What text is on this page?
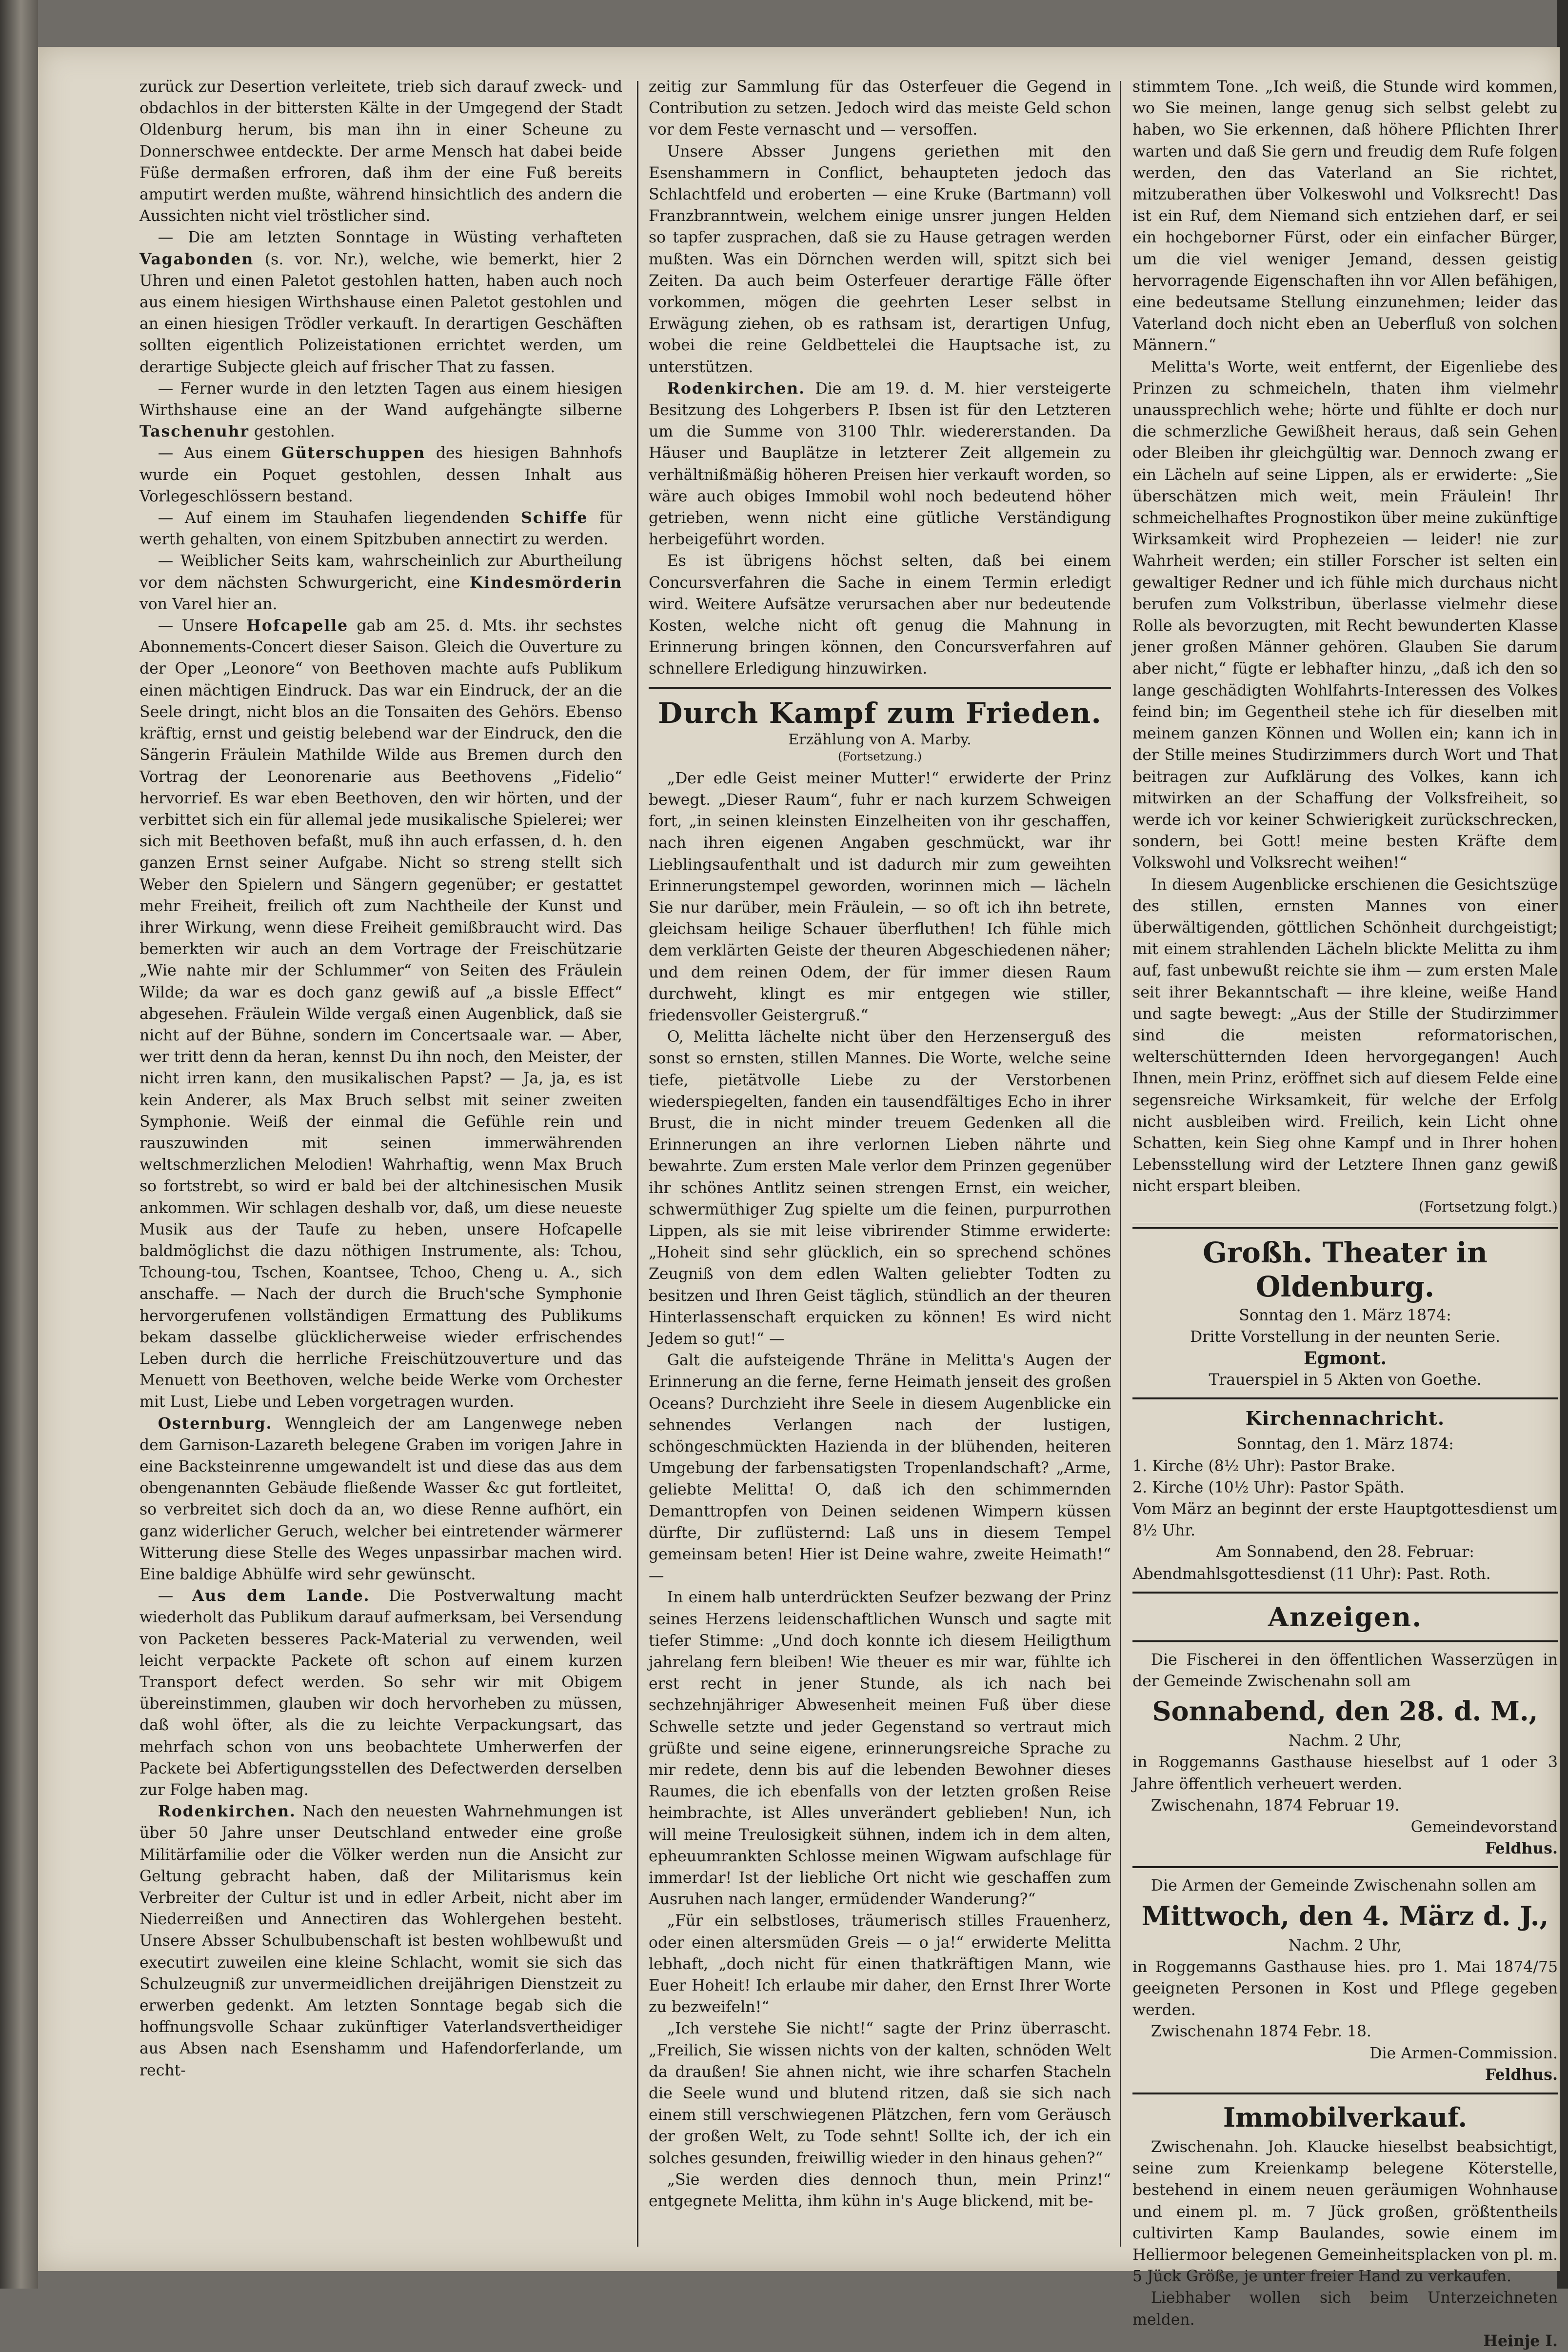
zurück zur Desertion verleitete, trieb sich darauf zweck- und obdachlos in der bittersten Kälte in der Umgegend der Stadt Oldenburg herum, bis man ihn in einer Scheune zu Donnerschwee entdeckte. Der arme Mensch hat dabei beide Füße dermaßen erfroren, daß ihm der eine Fuß bereits amputirt werden mußte, während hinsichtlich des andern die Aussichten nicht viel tröstlicher sind.

— Die am letzten Sonntage in Wüsting verhafteten Vagabonden (s. vor. Nr.), welche, wie bemerkt, hier 2 Uhren und einen Paletot gestohlen hatten, haben auch noch aus einem hiesigen Wirthshause einen Paletot gestohlen und an einen hiesigen Trödler verkauft. In derartigen Geschäften sollten eigentlich Polizeistationen errichtet werden, um derartige Subjecte gleich auf frischer That zu fassen.

— Ferner wurde in den letzten Tagen aus einem hiesigen Wirthshause eine an der Wand aufgehängte silberne Taschenuhr gestohlen.

— Aus einem Güterschuppen des hiesigen Bahnhofs wurde ein Poquet gestohlen, dessen Inhalt aus Vorlegeschlössern bestand.

— Auf einem im Stauhafen liegendenden Schiffe für werth gehalten, von einem Spitzbuben annectirt zu werden.

— Weiblicher Seits kam, wahrscheinlich zur Aburtheilung vor dem nächsten Schwurgericht, eine Kindesmörderin von Varel hier an.

— Unsere Hofcapelle gab am 25. d. Mts. ihr sechstes Abonnements-Concert dieser Saison. Gleich die Ouverture zu der Oper „Leonore“ von Beethoven machte aufs Publikum einen mächtigen Eindruck. Das war ein Eindruck, der an die Seele dringt, nicht blos an die Tonsaiten des Gehörs. Ebenso kräftig, ernst und geistig belebend war der Eindruck, den die Sängerin Fräulein Mathilde Wilde aus Bremen durch den Vortrag der Leonorenarie aus Beethovens „Fidelio“ hervorrief. Es war eben Beethoven, den wir hörten, und der verbittet sich ein für allemal jede musikalische Spielerei; wer sich mit Beethoven befaßt, muß ihn auch erfassen, d. h. den ganzen Ernst seiner Aufgabe. Nicht so streng stellt sich Weber den Spielern und Sängern gegenüber; er gestattet mehr Freiheit, freilich oft zum Nachtheile der Kunst und ihrer Wirkung, wenn diese Freiheit gemißbraucht wird. Das bemerkten wir auch an dem Vortrage der Freischützarie „Wie nahte mir der Schlummer“ von Seiten des Fräulein Wilde; da war es doch ganz gewiß auf „a bissle Effect“ abgesehen. Fräulein Wilde vergaß einen Augenblick, daß sie nicht auf der Bühne, sondern im Concertsaale war. — Aber, wer tritt denn da heran, kennst Du ihn noch, den Meister, der nicht irren kann, den musikalischen Papst? — Ja, ja, es ist kein Anderer, als Max Bruch selbst mit seiner zweiten Symphonie. Weiß der einmal die Gefühle rein und rauszuwinden mit seinen immerwährenden weltschmerzlichen Melodien! Wahrhaftig, wenn Max Bruch so fortstrebt, so wird er bald bei der altchinesischen Musik ankommen. Wir schlagen deshalb vor, daß, um diese neueste Musik aus der Taufe zu heben, unsere Hofcapelle baldmöglichst die dazu nöthigen Instrumente, als: Tchou, Tchoung-tou, Tschen, Koantsee, Tchoo, Cheng u. A., sich anschaffe. — Nach der durch die Bruch'sche Symphonie hervorgerufenen vollständigen Ermattung des Publikums bekam dasselbe glücklicherweise wieder erfrischendes Leben durch die herrliche Freischützouverture und das Menuett von Beethoven, welche beide Werke vom Orchester mit Lust, Liebe und Leben vorgetragen wurden.

Osternburg. Wenngleich der am Langenwege neben dem Garnison-Lazareth belegene Graben im vorigen Jahre in eine Backsteinrenne umgewandelt ist und diese das aus dem obengenannten Gebäude fließende Wasser &c gut fortleitet, so verbreitet sich doch da an, wo diese Renne aufhört, ein ganz widerlicher Geruch, welcher bei eintretender wärmerer Witterung diese Stelle des Weges unpassirbar machen wird. Eine baldige Abhülfe wird sehr gewünscht.

— Aus dem Lande. Die Postverwaltung macht wiederholt das Publikum darauf aufmerksam, bei Versendung von Packeten besseres Pack-Material zu verwenden, weil leicht verpackte Packete oft schon auf einem kurzen Transport defect werden. So sehr wir mit Obigem übereinstimmen, glauben wir doch hervorheben zu müssen, daß wohl öfter, als die zu leichte Verpackungsart, das mehrfach schon von uns beobachtete Umherwerfen der Packete bei Abfertigungsstellen des Defectwerden derselben zur Folge haben mag.

Rodenkirchen. Nach den neuesten Wahrnehmungen ist über 50 Jahre unser Deutschland entweder eine große Militärfamilie oder die Völker werden nun die Ansicht zur Geltung gebracht haben, daß der Militarismus kein Verbreiter der Cultur ist und in edler Arbeit, nicht aber im Niederreißen und Annectiren das Wohlergehen besteht. Unsere Absser Schulbubenschaft ist besten wohlbewußt und executirt zuweilen eine kleine Schlacht, womit sie sich das Schulzeugniß zur unvermeidlichen dreijährigen Dienstzeit zu erwerben gedenkt. Am letzten Sonntage begab sich die hoffnungsvolle Schaar zukünftiger Vaterlandsvertheidiger aus Absen nach Esenshamm und Hafendorferlande, um recht-

zeitig zur Sammlung für das Osterfeuer die Gegend in Contribution zu setzen. Jedoch wird das meiste Geld schon vor dem Feste vernascht und — versoffen.

Unsere Absser Jungens geriethen mit den Esenshammern in Conflict, behaupteten jedoch das Schlachtfeld und eroberten — eine Kruke (Bartmann) voll Franzbranntwein, welchem einige unsrer jungen Helden so tapfer zusprachen, daß sie zu Hause getragen werden mußten. Was ein Dörnchen werden will, spitzt sich bei Zeiten. Da auch beim Osterfeuer derartige Fälle öfter vorkommen, mögen die geehrten Leser selbst in Erwägung ziehen, ob es rathsam ist, derartigen Unfug, wobei die reine Geldbettelei die Hauptsache ist, zu unterstützen.

Rodenkirchen. Die am 19. d. M. hier versteigerte Besitzung des Lohgerbers P. Ibsen ist für den Letzteren um die Summe von 3100 Thlr. wiedererstanden. Da Häuser und Bauplätze in letzterer Zeit allgemein zu verhältnißmäßig höheren Preisen hier verkauft worden, so wäre auch obiges Immobil wohl noch bedeutend höher getrieben, wenn nicht eine gütliche Verständigung herbeigeführt worden.

Es ist übrigens höchst selten, daß bei einem Concursverfahren die Sache in einem Termin erledigt wird. Weitere Aufsätze verursachen aber nur bedeutende Kosten, welche nicht oft genug die Mahnung in Erinnerung bringen können, den Concursverfahren auf schnellere Erledigung hinzuwirken.

Durch Kampf zum Frieden.
Erzählung von A. Marby.
(Fortsetzung.)

„Der edle Geist meiner Mutter!“ erwiderte der Prinz bewegt. „Dieser Raum“, fuhr er nach kurzem Schweigen fort, „in seinen kleinsten Einzelheiten von ihr geschaffen, nach ihren eigenen Angaben geschmückt, war ihr Lieblingsaufenthalt und ist dadurch mir zum geweihten Erinnerungstempel geworden, worinnen mich — lächeln Sie nur darüber, mein Fräulein, — so oft ich ihn betrete, gleichsam heilige Schauer überfluthen! Ich fühle mich dem verklärten Geiste der theuren Abgeschiedenen näher; und dem reinen Odem, der für immer diesen Raum durchweht, klingt es mir entgegen wie stiller, friedensvoller Geistergruß.“

O, Melitta lächelte nicht über den Herzenserguß des sonst so ernsten, stillen Mannes. Die Worte, welche seine tiefe, pietätvolle Liebe zu der Verstorbenen wiederspiegelten, fanden ein tausendfältiges Echo in ihrer Brust, die in nicht minder treuem Gedenken all die Erinnerungen an ihre verlornen Lieben nährte und bewahrte. Zum ersten Male verlor dem Prinzen gegenüber ihr schönes Antlitz seinen strengen Ernst, ein weicher, schwermüthiger Zug spielte um die feinen, purpurrothen Lippen, als sie mit leise vibrirender Stimme erwiderte: „Hoheit sind sehr glücklich, ein so sprechend schönes Zeugniß von dem edlen Walten geliebter Todten zu besitzen und Ihren Geist täglich, stündlich an der theuren Hinterlassenschaft erquicken zu können! Es wird nicht Jedem so gut!“ —

Galt die aufsteigende Thräne in Melitta's Augen der Erinnerung an die ferne, ferne Heimath jenseit des großen Oceans? Durchzieht ihre Seele in diesem Augenblicke ein sehnendes Verlangen nach der lustigen, schöngeschmückten Hazienda in der blühenden, heiteren Umgebung der farbensatigsten Tropenlandschaft? „Arme, geliebte Melitta! O, daß ich den schimmernden Demanttropfen von Deinen seidenen Wimpern küssen dürfte, Dir zuflüsternd: Laß uns in diesem Tempel gemeinsam beten! Hier ist Deine wahre, zweite Heimath!“ —

In einem halb unterdrückten Seufzer bezwang der Prinz seines Herzens leidenschaftlichen Wunsch und sagte mit tiefer Stimme: „Und doch konnte ich diesem Heiligthum jahrelang fern bleiben! Wie theuer es mir war, fühlte ich erst recht in jener Stunde, als ich nach bei sechzehnjähriger Abwesenheit meinen Fuß über diese Schwelle setzte und jeder Gegenstand so vertraut mich grüßte und seine eigene, erinnerungsreiche Sprache zu mir redete, denn bis auf die lebenden Bewohner dieses Raumes, die ich ebenfalls von der letzten großen Reise heimbrachte, ist Alles unverändert geblieben! Nun, ich will meine Treulosigkeit sühnen, indem ich in dem alten, epheuumrankten Schlosse meinen Wigwam aufschlage für immerdar! Ist der liebliche Ort nicht wie geschaffen zum Ausruhen nach langer, ermüdender Wanderung?“

„Für ein selbstloses, träumerisch stilles Frauenherz, oder einen altersmüden Greis — o ja!“ erwiderte Melitta lebhaft, „doch nicht für einen thatkräftigen Mann, wie Euer Hoheit! Ich erlaube mir daher, den Ernst Ihrer Worte zu bezweifeln!“

„Ich verstehe Sie nicht!“ sagte der Prinz überrascht. „Freilich, Sie wissen nichts von der kalten, schnöden Welt da draußen! Sie ahnen nicht, wie ihre scharfen Stacheln die Seele wund und blutend ritzen, daß sie sich nach einem still verschwiegenen Plätzchen, fern vom Geräusch der großen Welt, zu Tode sehnt! Sollte ich, der ich ein solches gesunden, freiwillig wieder in den hinaus gehen?“

„Sie werden dies dennoch thun, mein Prinz!“ entgegnete Melitta, ihm kühn in's Auge blickend, mit be-

stimmtem Tone. „Ich weiß, die Stunde wird kommen, wo Sie meinen, lange genug sich selbst gelebt zu haben, wo Sie erkennen, daß höhere Pflichten Ihrer warten und daß Sie gern und freudig dem Rufe folgen werden, den das Vaterland an Sie richtet, mitzuberathen über Volkeswohl und Volksrecht! Das ist ein Ruf, dem Niemand sich entziehen darf, er sei ein hochgeborner Fürst, oder ein einfacher Bürger, um die viel weniger Jemand, dessen geistig hervorragende Eigenschaften ihn vor Allen befähigen, eine bedeutsame Stellung einzunehmen; leider das Vaterland doch nicht eben an Ueberfluß von solchen Männern.“

Melitta's Worte, weit entfernt, der Eigenliebe des Prinzen zu schmeicheln, thaten ihm vielmehr unaussprechlich wehe; hörte und fühlte er doch nur die schmerzliche Gewißheit heraus, daß sein Gehen oder Bleiben ihr gleichgültig war. Dennoch zwang er ein Lächeln auf seine Lippen, als er erwiderte: „Sie überschätzen mich weit, mein Fräulein! Ihr schmeichelhaftes Prognostikon über meine zukünftige Wirksamkeit wird Prophezeien — leider! nie zur Wahrheit werden; ein stiller Forscher ist selten ein gewaltiger Redner und ich fühle mich durchaus nicht berufen zum Volkstribun, überlasse vielmehr diese Rolle als bevorzugten, mit Recht bewunderten Klasse jener großen Männer gehören. Glauben Sie darum aber nicht,“ fügte er lebhafter hinzu, „daß ich den so lange geschädigten Wohlfahrts-Interessen des Volkes feind bin; im Gegentheil stehe ich für dieselben mit meinem ganzen Können und Wollen ein; kann ich in der Stille meines Studirzimmers durch Wort und That beitragen zur Aufklärung des Volkes, kann ich mitwirken an der Schaffung der Volksfreiheit, so werde ich vor keiner Schwierigkeit zurückschrecken, sondern, bei Gott! meine besten Kräfte dem Volkswohl und Volksrecht weihen!“

In diesem Augenblicke erschienen die Gesichtszüge des stillen, ernsten Mannes von einer überwältigenden, göttlichen Schönheit durchgeistigt; mit einem strahlenden Lächeln blickte Melitta zu ihm auf, fast unbewußt reichte sie ihm — zum ersten Male seit ihrer Bekanntschaft — ihre kleine, weiße Hand und sagte bewegt: „Aus der Stille der Studirzimmer sind die meisten reformatorischen, welterschütternden Ideen hervorgegangen! Auch Ihnen, mein Prinz, eröffnet sich auf diesem Felde eine segensreiche Wirksamkeit, für welche der Erfolg nicht ausbleiben wird. Freilich, kein Licht ohne Schatten, kein Sieg ohne Kampf und in Ihrer hohen Lebensstellung wird der Letztere Ihnen ganz gewiß nicht erspart bleiben.

(Fortsetzung folgt.)
Großh. Theater in Oldenburg.
Sonntag den 1. März 1874:
Dritte Vorstellung in der neunten Serie.
Egmont.
Trauerspiel in 5 Akten von Goethe.
Kirchennachricht.
Sonntag, den 1. März 1874:
1. Kirche (8½ Uhr): Pastor Brake.
2. Kirche (10½ Uhr): Pastor Späth.
Vom März an beginnt der erste Hauptgottesdienst um 8½ Uhr.
Am Sonnabend, den 28. Februar:
Abendmahlsgottesdienst (11 Uhr): Past. Roth.
Anzeigen.
Die Fischerei in den öffentlichen Wasserzügen in der Gemeinde Zwischenahn soll am
Sonnabend, den 28. d. M.,
Nachm. 2 Uhr,
in Roggemanns Gasthause hieselbst auf 1 oder 3 Jahre öffentlich verheuert werden.
Zwischenahn, 1874 Februar 19.
Gemeindevorstand
Feldhus.
Die Armen der Gemeinde Zwischenahn sollen am
Mittwoch, den 4. März d. J.,
Nachm. 2 Uhr,
in Roggemanns Gasthause hies. pro 1. Mai 1874/75 geeigneten Personen in Kost und Pflege gegeben werden.
Zwischenahn 1874 Febr. 18.
Die Armen-Commission.
Feldhus.
Immobilverkauf.
Zwischenahn. Joh. Klaucke hieselbst beabsichtigt, seine zum Kreienkamp belegene Köterstelle, bestehend in einem neuen geräumigen Wohnhause und einem pl. m. 7 Jück großen, größtentheils cultivirten Kamp Baulandes, sowie einem im Helliermoor belegenen Gemeinheitsplacken von pl. m. 5 Jück Größe, je unter freier Hand zu verkaufen.
Liebhaber wollen sich beim Unterzeichneten melden.
Heinje I.
